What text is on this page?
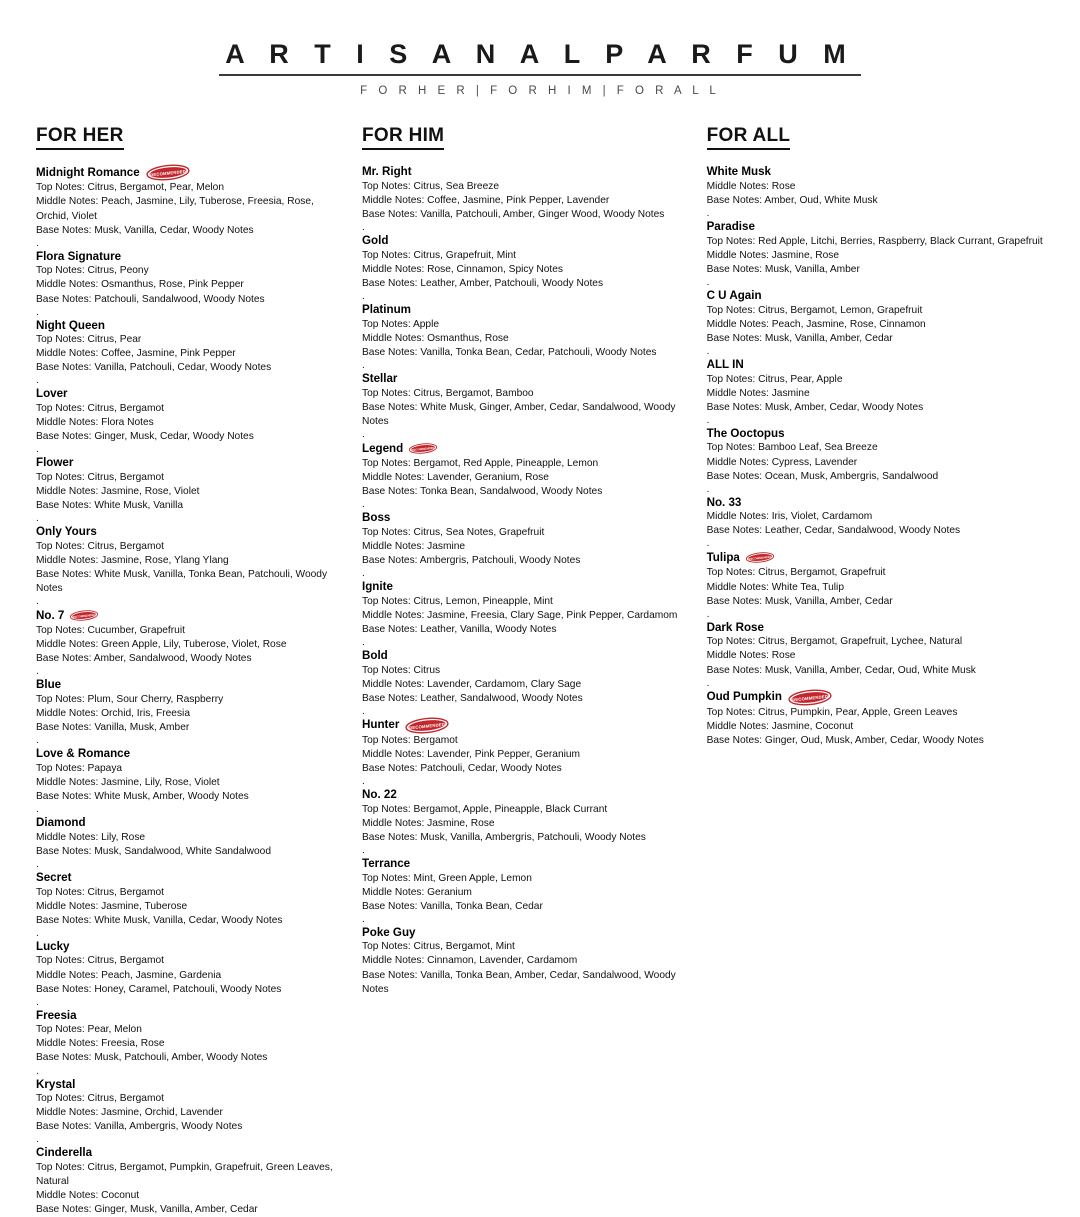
A R T I S A N A L P A R F U M
F O R H E R | F O R H I M | F O R A L L
FOR HER
Midnight Romance RECOMMENDED
Top Notes: Citrus, Bergamot, Pear, Melon
Middle Notes: Peach, Jasmine, Lily, Tuberose, Freesia, Rose, Orchid, Violet
Base Notes: Musk, Vanilla, Cedar, Woody Notes
.
Flora Signature
Top Notes: Citrus, Peony
Middle Notes: Osmanthus, Rose, Pink Pepper
Base Notes: Patchouli, Sandalwood, Woody Notes
.
Night Queen
Top Notes: Citrus, Pear
Middle Notes: Coffee, Jasmine, Pink Pepper
Base Notes: Vanilla, Patchouli, Cedar, Woody Notes
.
Lover
Top Notes: Citrus, Bergamot
Middle Notes: Flora Notes
Base Notes: Ginger, Musk, Cedar, Woody Notes
.
Flower
Top Notes: Citrus, Bergamot
Middle Notes: Jasmine, Rose, Violet
Base Notes: White Musk, Vanilla
.
Only Yours
Top Notes: Citrus, Bergamot
Middle Notes: Jasmine, Rose, Ylang Ylang
Base Notes: White Musk, Vanilla, Tonka Bean, Patchouli, Woody Notes
.
No. 7 RECOMMENDED
Top Notes: Cucumber, Grapefruit
Middle Notes: Green Apple, Lily, Tuberose, Violet, Rose
Base Notes: Amber, Sandalwood, Woody Notes
.
Blue
Top Notes: Plum, Sour Cherry, Raspberry
Middle Notes: Orchid, Iris, Freesia
Base Notes: Vanilla, Musk, Amber
.
Love & Romance
Top Notes: Papaya
Middle Notes: Jasmine, Lily, Rose, Violet
Base Notes: White Musk, Amber, Woody Notes
.
Diamond
Middle Notes: Lily, Rose
Base Notes: Musk, Sandalwood, White Sandalwood
.
Secret
Top Notes: Citrus, Bergamot
Middle Notes: Jasmine, Tuberose
Base Notes: White Musk, Vanilla, Cedar, Woody Notes
.
Lucky
Top Notes: Citrus, Bergamot
Middle Notes: Peach, Jasmine, Gardenia
Base Notes: Honey, Caramel, Patchouli, Woody Notes
.
Freesia
Top Notes: Pear, Melon
Middle Notes: Freesia, Rose
Base Notes: Musk, Patchouli, Amber, Woody Notes
.
Krystal
Top Notes: Citrus, Bergamot
Middle Notes: Jasmine, Orchid, Lavender
Base Notes: Vanilla, Ambergris, Woody Notes
.
Cinderella
Top Notes: Citrus, Bergamot, Pumpkin, Grapefruit, Green Leaves, Natural
Middle Notes: Coconut
Base Notes: Ginger, Musk, Vanilla, Amber, Cedar
FOR HIM
Mr. Right
Top Notes: Citrus, Sea Breeze
Middle Notes: Coffee, Jasmine, Pink Pepper, Lavender
Base Notes: Vanilla, Patchouli, Amber, Ginger Wood, Woody Notes
.
Gold
Top Notes: Citrus, Grapefruit, Mint
Middle Notes: Rose, Cinnamon, Spicy Notes
Base Notes: Leather, Amber, Patchouli, Woody Notes
.
Platinum
Top Notes: Apple
Middle Notes: Osmanthus, Rose
Base Notes: Vanilla, Tonka Bean, Cedar, Patchouli, Woody Notes
.
Stellar
Top Notes: Citrus, Bergamot, Bamboo
Base Notes: White Musk, Ginger, Amber, Cedar, Sandalwood, Woody Notes
.
Legend RECOMMENDED
Top Notes: Bergamot, Red Apple, Pineapple, Lemon
Middle Notes: Lavender, Geranium, Rose
Base Notes: Tonka Bean, Sandalwood, Woody Notes
.
Boss
Top Notes: Citrus, Sea Notes, Grapefruit
Middle Notes: Jasmine
Base Notes: Ambergris, Patchouli, Woody Notes
.
Ignite
Top Notes: Citrus, Lemon, Pineapple, Mint
Middle Notes: Jasmine, Freesia, Clary Sage, Pink Pepper, Cardamom
Base Notes: Leather, Vanilla, Woody Notes
.
Bold
Top Notes: Citrus
Middle Notes: Lavender, Cardamom, Clary Sage
Base Notes: Leather, Sandalwood, Woody Notes
.
Hunter RECOMMENDED
Top Notes: Bergamot
Middle Notes: Lavender, Pink Pepper, Geranium
Base Notes: Patchouli, Cedar, Woody Notes
.
No. 22
Top Notes: Bergamot, Apple, Pineapple, Black Currant
Middle Notes: Jasmine, Rose
Base Notes: Musk, Vanilla, Ambergris, Patchouli, Woody Notes
.
Terrance
Top Notes: Mint, Green Apple, Lemon
Middle Notes: Geranium
Base Notes: Vanilla, Tonka Bean, Cedar
.
Poke Guy
Top Notes: Citrus, Bergamot, Mint
Middle Notes: Cinnamon, Lavender, Cardamom
Base Notes: Vanilla, Tonka Bean, Amber, Cedar, Sandalwood, Woody Notes
FOR ALL
White Musk
Middle Notes: Rose
Base Notes: Amber, Oud, White Musk
.
Paradise
Top Notes: Red Apple, Litchi, Berries, Raspberry, Black Currant, Grapefruit
Middle Notes: Jasmine, Rose
Base Notes: Musk, Vanilla, Amber
.
C U Again
Top Notes: Citrus, Bergamot, Lemon, Grapefruit
Middle Notes: Peach, Jasmine, Rose, Cinnamon
Base Notes: Musk, Vanilla, Amber, Cedar
.
ALL IN
Top Notes: Citrus, Pear, Apple
Middle Notes: Jasmine
Base Notes: Musk, Amber, Cedar, Woody Notes
.
The Ooctopus
Top Notes: Bamboo Leaf, Sea Breeze
Middle Notes: Cypress, Lavender
Base Notes: Ocean, Musk, Ambergris, Sandalwood
.
No. 33
Middle Notes: Iris, Violet, Cardamom
Base Notes: Leather, Cedar, Sandalwood, Woody Notes
.
Tulipa RECOMMENDED
Top Notes: Citrus, Bergamot, Grapefruit
Middle Notes: White Tea, Tulip
Base Notes: Musk, Vanilla, Amber, Cedar
.
Dark Rose
Top Notes: Citrus, Bergamot, Grapefruit, Lychee, Natural
Middle Notes: Rose
Base Notes: Musk, Vanilla, Amber, Cedar, Oud, White Musk
.
Oud Pumpkin RECOMMENDED
Top Notes: Citrus, Pumpkin, Pear, Apple, Green Leaves
Middle Notes: Jasmine, Coconut
Base Notes: Ginger, Oud, Musk, Amber, Cedar, Woody Notes
